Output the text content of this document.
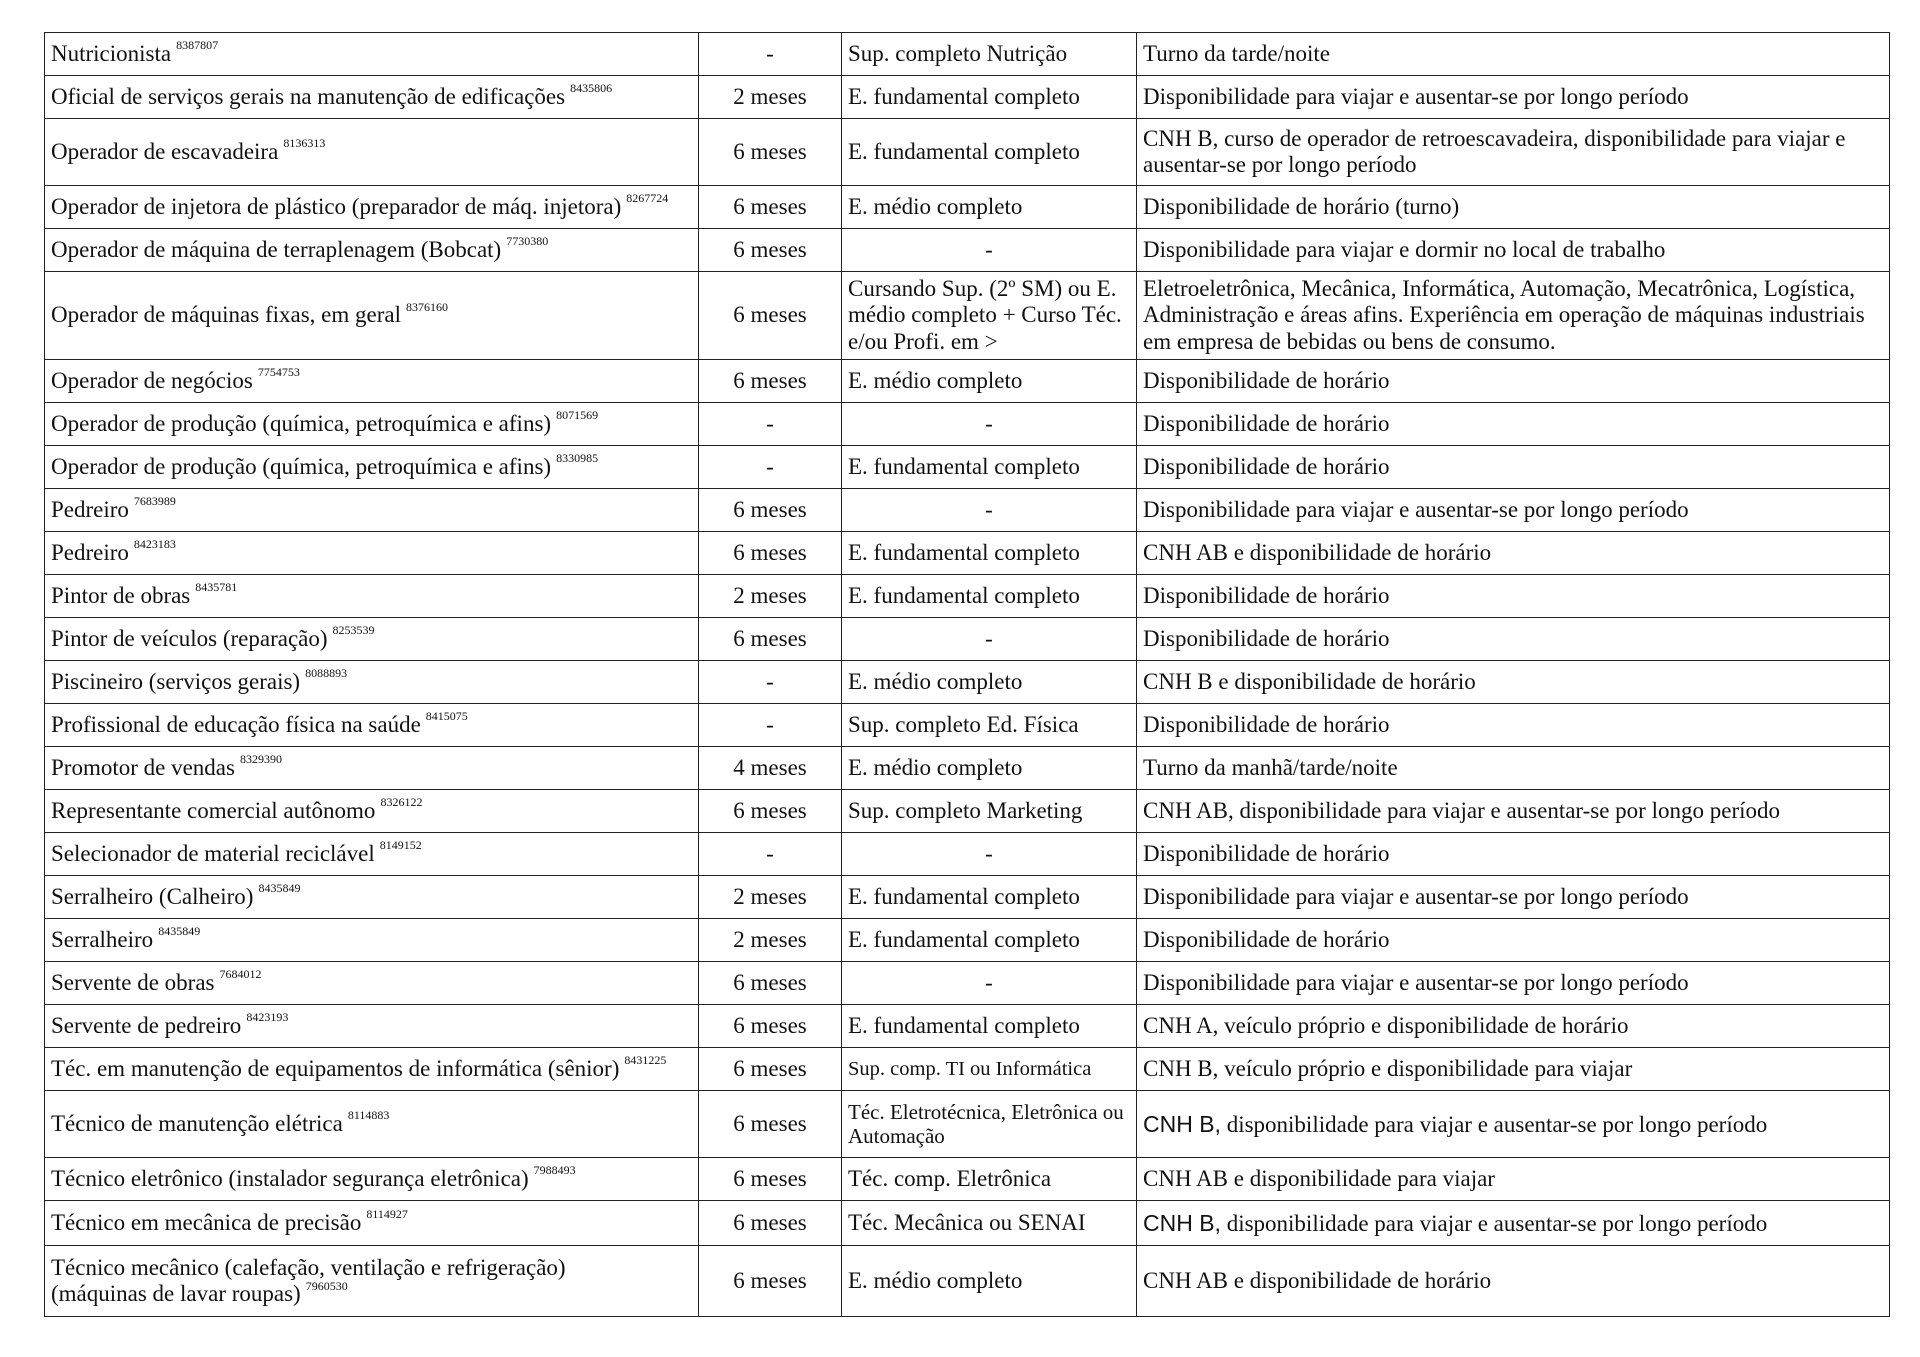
Nutricionista $^{8387807}$	-	Sup. completo Nutrição	Turno da tarde/noite
Oficial de serviços gerais na manutenção de edificações $^{8435806}$	2 meses	E. fundamental completo	Disponibilidade para viajar e ausentar-se por longo período
Operador de escavadeira $^{8136313}$	6 meses	E. fundamental completo	CNH B, curso de operador de retroescavadeira, disponibilidade para viajar e ausentar-se por longo período
Operador de injetora de plástico (preparador de máq. injetora) $^{8267724}$	6 meses	E. médio completo	Disponibilidade de horário (turno)
Operador de máquina de terraplenagem (Bobcat) $^{7730380}$	6 meses	-	Disponibilidade para viajar e dormir no local de trabalho
Operador de máquinas fixas, em geral $^{8376160}$	6 meses	Cursando Sup. (2º SM) ou E. médio completo + Curso Téc. e/ou Profi. em >	Eletroeletrônica, Mecânica, Informática, Automação, Mecatrônica, Logística, Administração e áreas afins. Experiência em operação de máquinas industriais em empresa de bebidas ou bens de consumo.
Operador de negócios $^{7754753}$	6 meses	E. médio completo	Disponibilidade de horário
Operador de produção (química, petroquímica e afins) $^{8071569}$	-	-	Disponibilidade de horário
Operador de produção (química, petroquímica e afins) $^{8330985}$	-	E. fundamental completo	Disponibilidade de horário
Pedreiro $^{7683989}$	6 meses	-	Disponibilidade para viajar e ausentar-se por longo período
Pedreiro $^{8423183}$	6 meses	E. fundamental completo	CNH AB e disponibilidade de horário
Pintor de obras $^{8435781}$	2 meses	E. fundamental completo	Disponibilidade de horário
Pintor de veículos (reparação) $^{8253539}$	6 meses	-	Disponibilidade de horário
Piscineiro (serviços gerais) $^{8088893}$	-	E. médio completo	CNH B e disponibilidade de horário
Profissional de educação física na saúde $^{8415075}$	-	Sup. completo Ed. Física	Disponibilidade de horário
Promotor de vendas $^{8329390}$	4 meses	E. médio completo	Turno da manhã/tarde/noite
Representante comercial autônomo $^{8326122}$	6 meses	Sup. completo Marketing	CNH AB, disponibilidade para viajar e ausentar-se por longo período
Selecionador de material reciclável $^{8149152}$	-	-	Disponibilidade de horário
Serralheiro (Calheiro) $^{8435849}$	2 meses	E. fundamental completo	Disponibilidade para viajar e ausentar-se por longo período
Serralheiro $^{8435849}$	2 meses	E. fundamental completo	Disponibilidade de horário
Servente de obras $^{7684012}$	6 meses	-	Disponibilidade para viajar e ausentar-se por longo período
Servente de pedreiro $^{8423193}$	6 meses	E. fundamental completo	CNH A, veículo próprio e disponibilidade de horário
Téc. em manutenção de equipamentos de informática (sênior) $^{8431225}$	6 meses	Sup. comp. TI ou Informática	CNH B, veículo próprio e disponibilidade para viajar
Técnico de manutenção elétrica $^{8114883}$	6 meses	Téc. Eletrotécnica, Eletrônica ou Automação	CNH B, disponibilidade para viajar e ausentar-se por longo período
Técnico eletrônico (instalador segurança eletrônica) $^{7988493}$	6 meses	Téc. comp. Eletrônica	CNH AB e disponibilidade para viajar
Técnico em mecânica de precisão $^{8114927}$	6 meses	Téc. Mecânica ou SENAI	CNH B, disponibilidade para viajar e ausentar-se por longo período
Técnico mecânico (calefação, ventilação e refrigeração)
(máquinas de lavar roupas) $^{7960530}$	6 meses	E. médio completo	CNH AB e disponibilidade de horário
